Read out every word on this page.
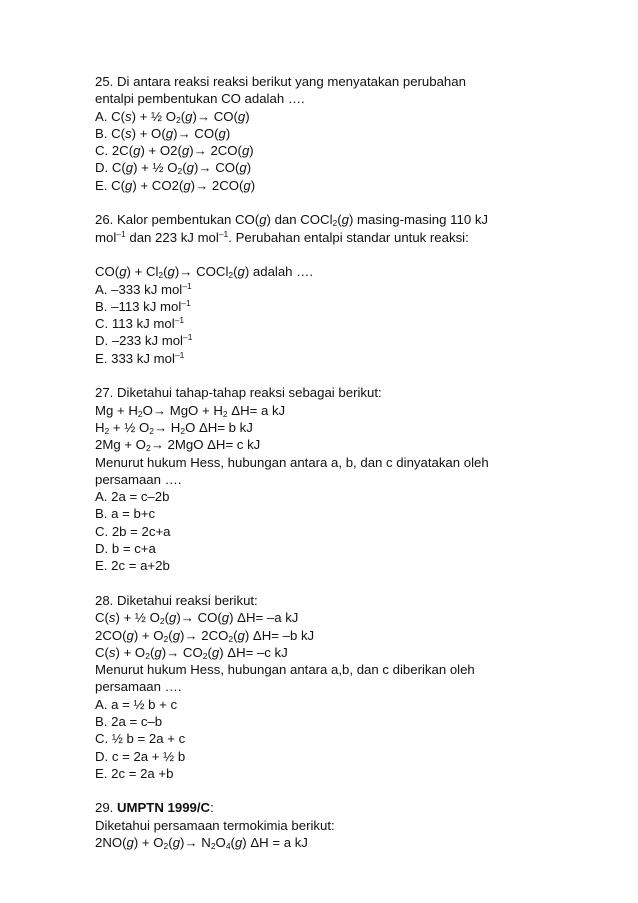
25. Di antara reaksi reaksi berikut yang menyatakan perubahan
entalpi pembentukan CO adalah ….
A. C(s) + ½ $O_2(g)\to CO(g)$
B. C(s) + O(g)→ CO(g)
C. 2C(g) + O2(g)→ 2CO(g)
D. C(g) + ½ $O_2(g)\to CO(g)$
E. C(g) + CO2(g)→ 2CO(g)
26. Kalor pembentukan CO(g) dan COCl$_2$(g) masing-masing 110 kJ
mol$^{-1}$ dan 223 kJ mol$^{-1}$. Perubahan entalpi standar untuk reaksi:
$CO(g) + Cl_2(g)\to$ COCl$_2$(g) adalah ….
A. –333 kJ mol$^{-1}$
B. –113 kJ mol$^{-1}$
C. 113 kJ mol$^{-1}$
D. –233 kJ mol$^{-1}$
E. 333 kJ mol$^{-1}$
27. Diketahui tahap-tahap reaksi sebagai berikut:
$Mg + H_2O\to$ MgO + $H_2$ ΔH= a kJ
$H_2$ + ½ $O_2\to H_2O$ ΔH= b kJ
$2Mg + O_2\to 2MgO$ ΔH= c kJ
Menurut hukum Hess, hubungan antara a, b, dan c dinyatakan oleh
persamaan ….
A. 2a = c–2b
B. a = b+c
C. 2b = 2c+a
D. b = c+a
E. 2c = a+2b
28. Diketahui reaksi berikut:
C(s) + ½ $O_2(g)\to CO(g)$ ΔH= –a kJ
$2CO(g) + O_2(g)\to 2CO_2(g)$ ΔH= –b kJ
$C(s) + O_2(g)\to CO_2(g)$ ΔH= –c kJ
Menurut hukum Hess, hubungan antara a,b, dan c diberikan oleh
persamaan ….
A. a = ½ b + c
B. 2a = c–b
C. ½ b = 2a + c
D. c = 2a + ½ b
E. 2c = 2a +b
29. UMPTN 1999/C:
Diketahui persamaan termokimia berikut:
$2NO(g) + O_2(g)\to N_2O_4(g) \Delta H = a$ kJ
